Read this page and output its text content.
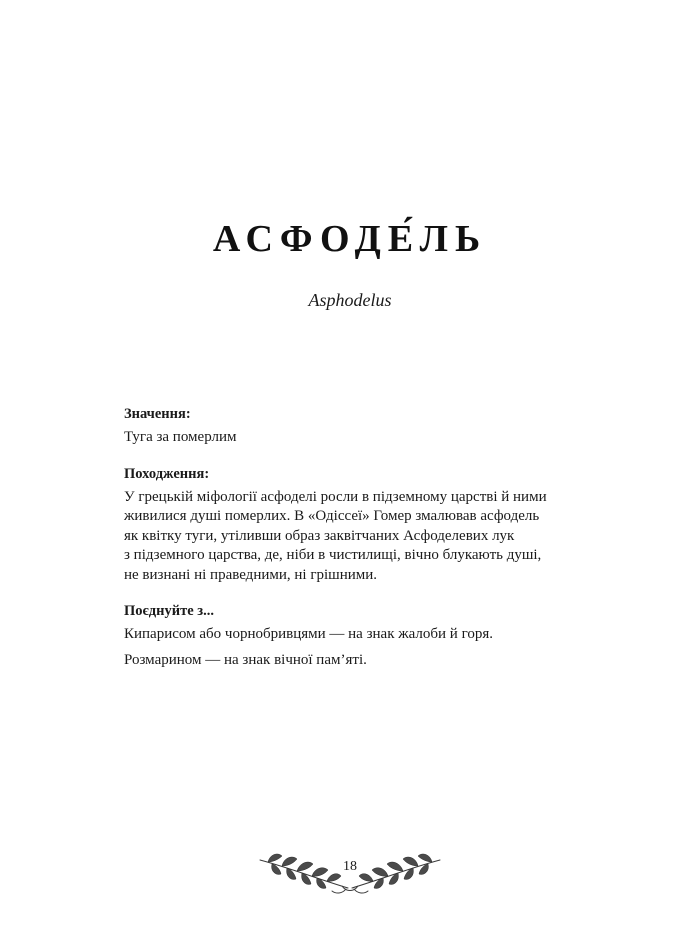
АСФОДЕ́ЛЬ

Asphodelus

Значення:

Туга за померлим

Походження:

У грецькій міфології асфоделі росли в підземному царстві й ними
живилися душі померлих. В «Одіссеї» Гомер змалював асфодель
як квітку туги, утіливши образ заквітчаних Асфоделевих лук
з підземного царства, де, ніби в чистилищі, вічно блукають душі,
не визнані ні праведними, ні грішними.

Поєднуйте з...

Кипарисом або чорнобривцями — на знак жалоби й горя.

Розмарином — на знак вічної пам’яті.

18
